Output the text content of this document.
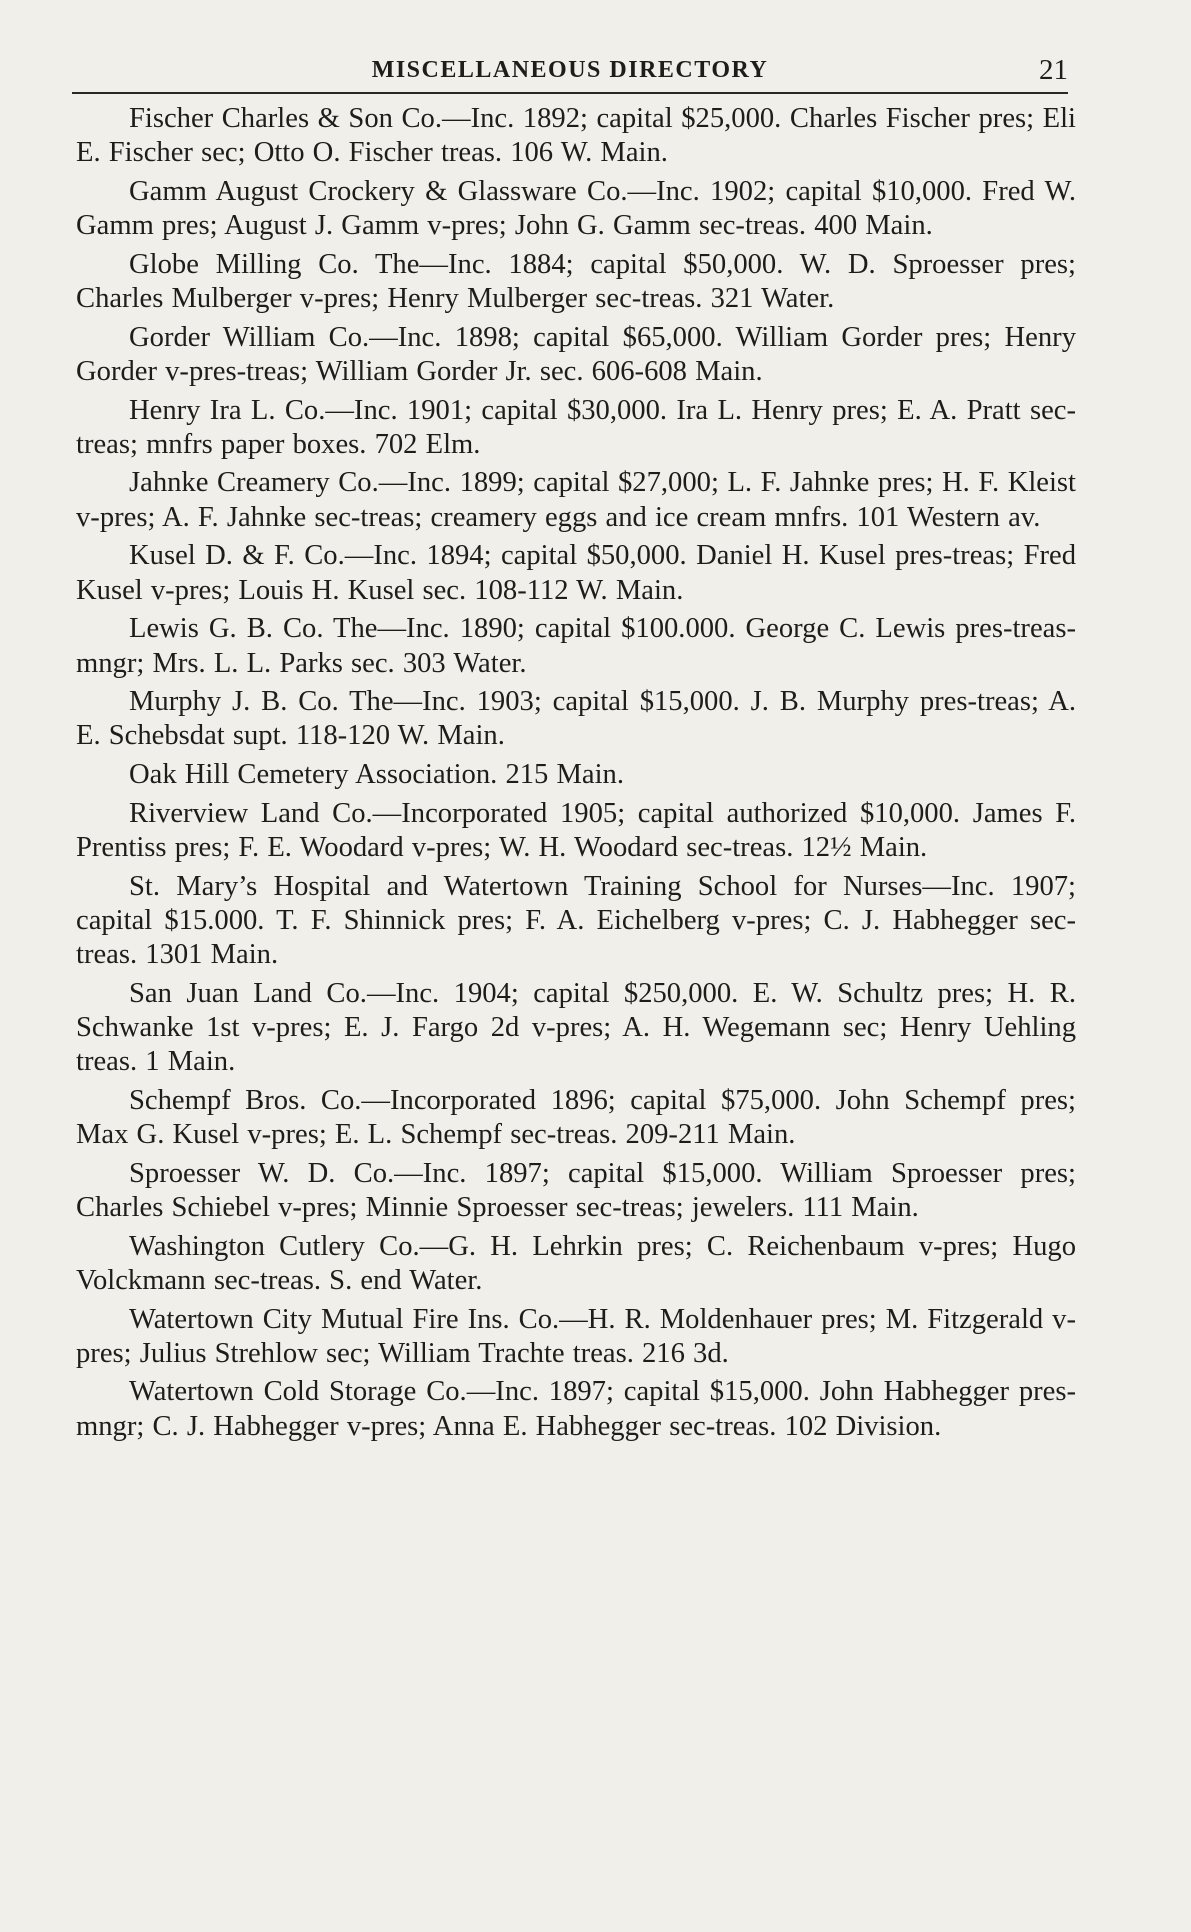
MISCELLANEOUS DIRECTORY	21

Fischer Charles & Son Co.—Inc. 1892; capital $25,000. Charles Fischer pres; Eli E. Fischer sec; Otto O. Fischer treas. 106 W. Main.

Gamm August Crockery & Glassware Co.—Inc. 1902; capital $10,000. Fred W. Gamm pres; August J. Gamm v-pres; John G. Gamm sec-treas. 400 Main.

Globe Milling Co. The—Inc. 1884; capital $50,000. W. D. Sproesser pres; Charles Mulberger v-pres; Henry Mulberger sec-treas. 321 Water.

Gorder William Co.—Inc. 1898; capital $65,000. William Gorder pres; Henry Gorder v-pres-treas; William Gorder Jr. sec. 606-608 Main.

Henry Ira L. Co.—Inc. 1901; capital $30,000. Ira L. Henry pres; E. A. Pratt sec-treas; mnfrs paper boxes. 702 Elm.

Jahnke Creamery Co.—Inc. 1899; capital $27,000; L. F. Jahnke pres; H. F. Kleist v-pres; A. F. Jahnke sec-treas; creamery eggs and ice cream mnfrs. 101 Western av.

Kusel D. & F. Co.—Inc. 1894; capital $50,000. Daniel H. Kusel pres-treas; Fred Kusel v-pres; Louis H. Kusel sec. 108-112 W. Main.

Lewis G. B. Co. The—Inc. 1890; capital $100.000. George C. Lewis pres-treas-mngr; Mrs. L. L. Parks sec. 303 Water.

Murphy J. B. Co. The—Inc. 1903; capital $15,000. J. B. Murphy pres-treas; A. E. Schebsdat supt. 118-120 W. Main.

Oak Hill Cemetery Association. 215 Main.

Riverview Land Co.—Incorporated 1905; capital authorized $10,000. James F. Prentiss pres; F. E. Woodard v-pres; W. H. Woodard sec-treas. 12½ Main.

St. Mary’s Hospital and Watertown Training School for Nurses—Inc. 1907; capital $15.000. T. F. Shinnick pres; F. A. Eichelberg v-pres; C. J. Habhegger sec-treas. 1301 Main.

San Juan Land Co.—Inc. 1904; capital $250,000. E. W. Schultz pres; H. R. Schwanke 1st v-pres; E. J. Fargo 2d v-pres; A. H. Wegemann sec; Henry Uehling treas. 1 Main.

Schempf Bros. Co.—Incorporated 1896; capital $75,000. John Schempf pres; Max G. Kusel v-pres; E. L. Schempf sec-treas. 209-211 Main.

Sproesser W. D. Co.—Inc. 1897; capital $15,000. William Sproesser pres; Charles Schiebel v-pres; Minnie Sproesser sec-treas; jewelers. 111 Main.

Washington Cutlery Co.—G. H. Lehrkin pres; C. Reichenbaum v-pres; Hugo Volckmann sec-treas. S. end Water.

Watertown City Mutual Fire Ins. Co.—H. R. Moldenhauer pres; M. Fitzgerald v-pres; Julius Strehlow sec; William Trachte treas. 216 3d.

Watertown Cold Storage Co.—Inc. 1897; capital $15,000. John Habhegger pres-mngr; C. J. Habhegger v-pres; Anna E. Habhegger sec-treas. 102 Division.
